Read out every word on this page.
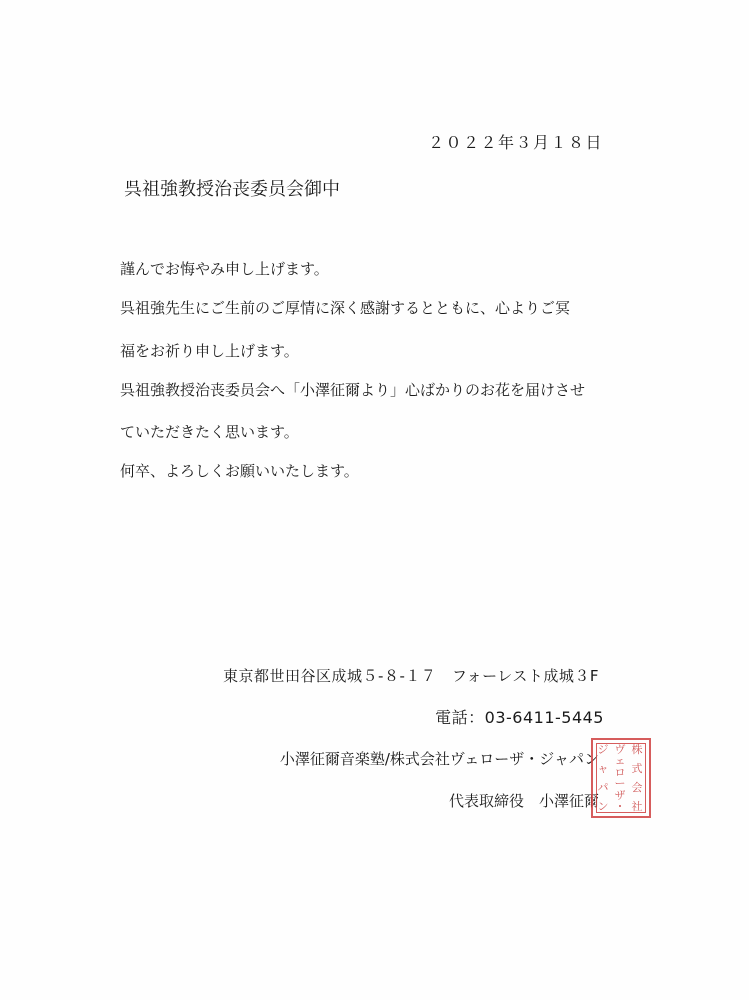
２０２２年３月１８日
呉祖強教授治丧委员会御中
謹んでお悔やみ申し上げます。
呉祖強先生にご生前のご厚情に深く感謝するとともに、心よりご冥
福をお祈り申し上げます。
呉祖強教授治丧委员会へ「小澤征爾より」心ばかりのお花を届けさせ
ていただきたく思います。
何卒、よろしくお願いいたします。
東京都世田谷区成城５-８-１７　フォーレスト成城３F
電話：03-6411-5445
小澤征爾音楽塾/株式会社ヴェローザ・ジャパン
代表取締役　小澤征爾
株
式
会
社
ヴ
ェ
ロ
ー
ザ
・
ジ
ャ
パ
ン
